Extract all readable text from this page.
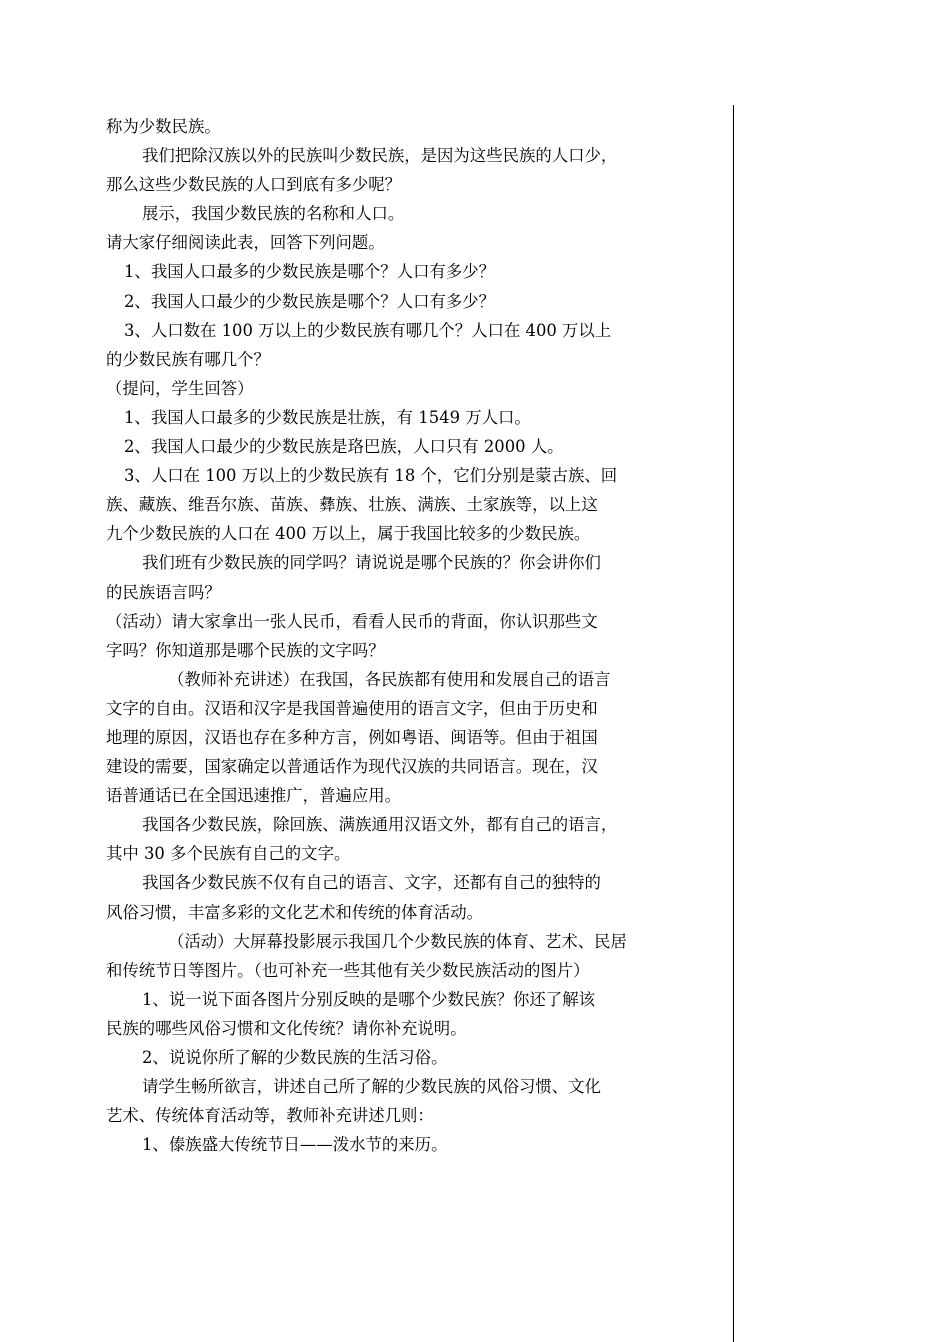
称为少数民族。
我们把除汉族以外的民族叫少数民族，是因为这些民族的人口少，
那么这些少数民族的人口到底有多少呢？
展示，我国少数民族的名称和人口。
请大家仔细阅读此表，回答下列问题。
1、我国人口最多的少数民族是哪个？人口有多少？
2、我国人口最少的少数民族是哪个？人口有多少？
3、人口数在 100 万以上的少数民族有哪几个？人口在 400 万以上
的少数民族有哪几个？
（提问，学生回答）
1、我国人口最多的少数民族是壮族，有 1549 万人口。
2、我国人口最少的少数民族是珞巴族，人口只有 2000 人。
3、人口在 100 万以上的少数民族有 18 个，它们分别是蒙古族、回
族、藏族、维吾尔族、苗族、彝族、壮族、满族、土家族等，以上这
九个少数民族的人口在 400 万以上，属于我国比较多的少数民族。
我们班有少数民族的同学吗？请说说是哪个民族的？你会讲你们
的民族语言吗？
（活动）请大家拿出一张人民币，看看人民币的背面，你认识那些文
字吗？你知道那是哪个民族的文字吗？
（教师补充讲述）在我国，各民族都有使用和发展自己的语言
文字的自由。汉语和汉字是我国普遍使用的语言文字，但由于历史和
地理的原因，汉语也存在多种方言，例如粤语、闽语等。但由于祖国
建设的需要，国家确定以普通话作为现代汉族的共同语言。现在，汉
语普通话已在全国迅速推广，普遍应用。
我国各少数民族，除回族、满族通用汉语文外，都有自己的语言，
其中 30 多个民族有自己的文字。
我国各少数民族不仅有自己的语言、文字，还都有自己的独特的
风俗习惯，丰富多彩的文化艺术和传统的体育活动。
（活动）大屏幕投影展示我国几个少数民族的体育、艺术、民居
和传统节日等图片。（也可补充一些其他有关少数民族活动的图片）
1、说一说下面各图片分别反映的是哪个少数民族？你还了解该
民族的哪些风俗习惯和文化传统？请你补充说明。
2、说说你所了解的少数民族的生活习俗。
请学生畅所欲言，讲述自己所了解的少数民族的风俗习惯、文化
艺术、传统体育活动等，教师补充讲述几则：
1、傣族盛大传统节日——泼水节的来历。
